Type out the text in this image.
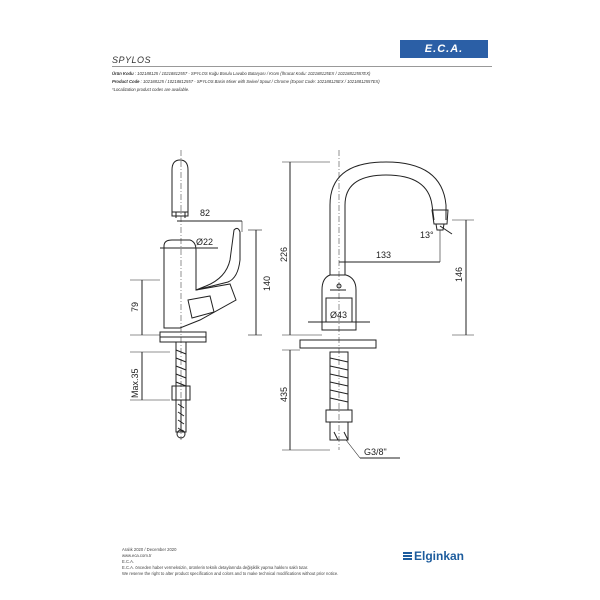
SPYLOS
E.C.A.
Ürün Kodu : 102188125 / 10218812557 - SPYLOS Kuğu Borulu Lavabo Bataryası / Krom (İhracat Kodu: 102188125EX / 10218812557EX)
Product Code : 102188125 / 10218812557 - SPYLOS Basin Mixer with Swivel Spout / Chrome (Export Code: 102188125EX / 10218812557EX)
*Localization product codes are available.
82
Ø22
140
79
Max.35
226
13°
133
146
Ø43
435
G3/8"
Aralık 2020 / December 2020
www.eca.com.tr
E.C.A.
E.C.A. önceden haber vermeksizin, ürünlerin teknik detaylarında değişiklik yapma hakkını saklı tutar.
We reserve the right to alter product specification and colors and to make technical modifications without prior notice.
Elginkan
